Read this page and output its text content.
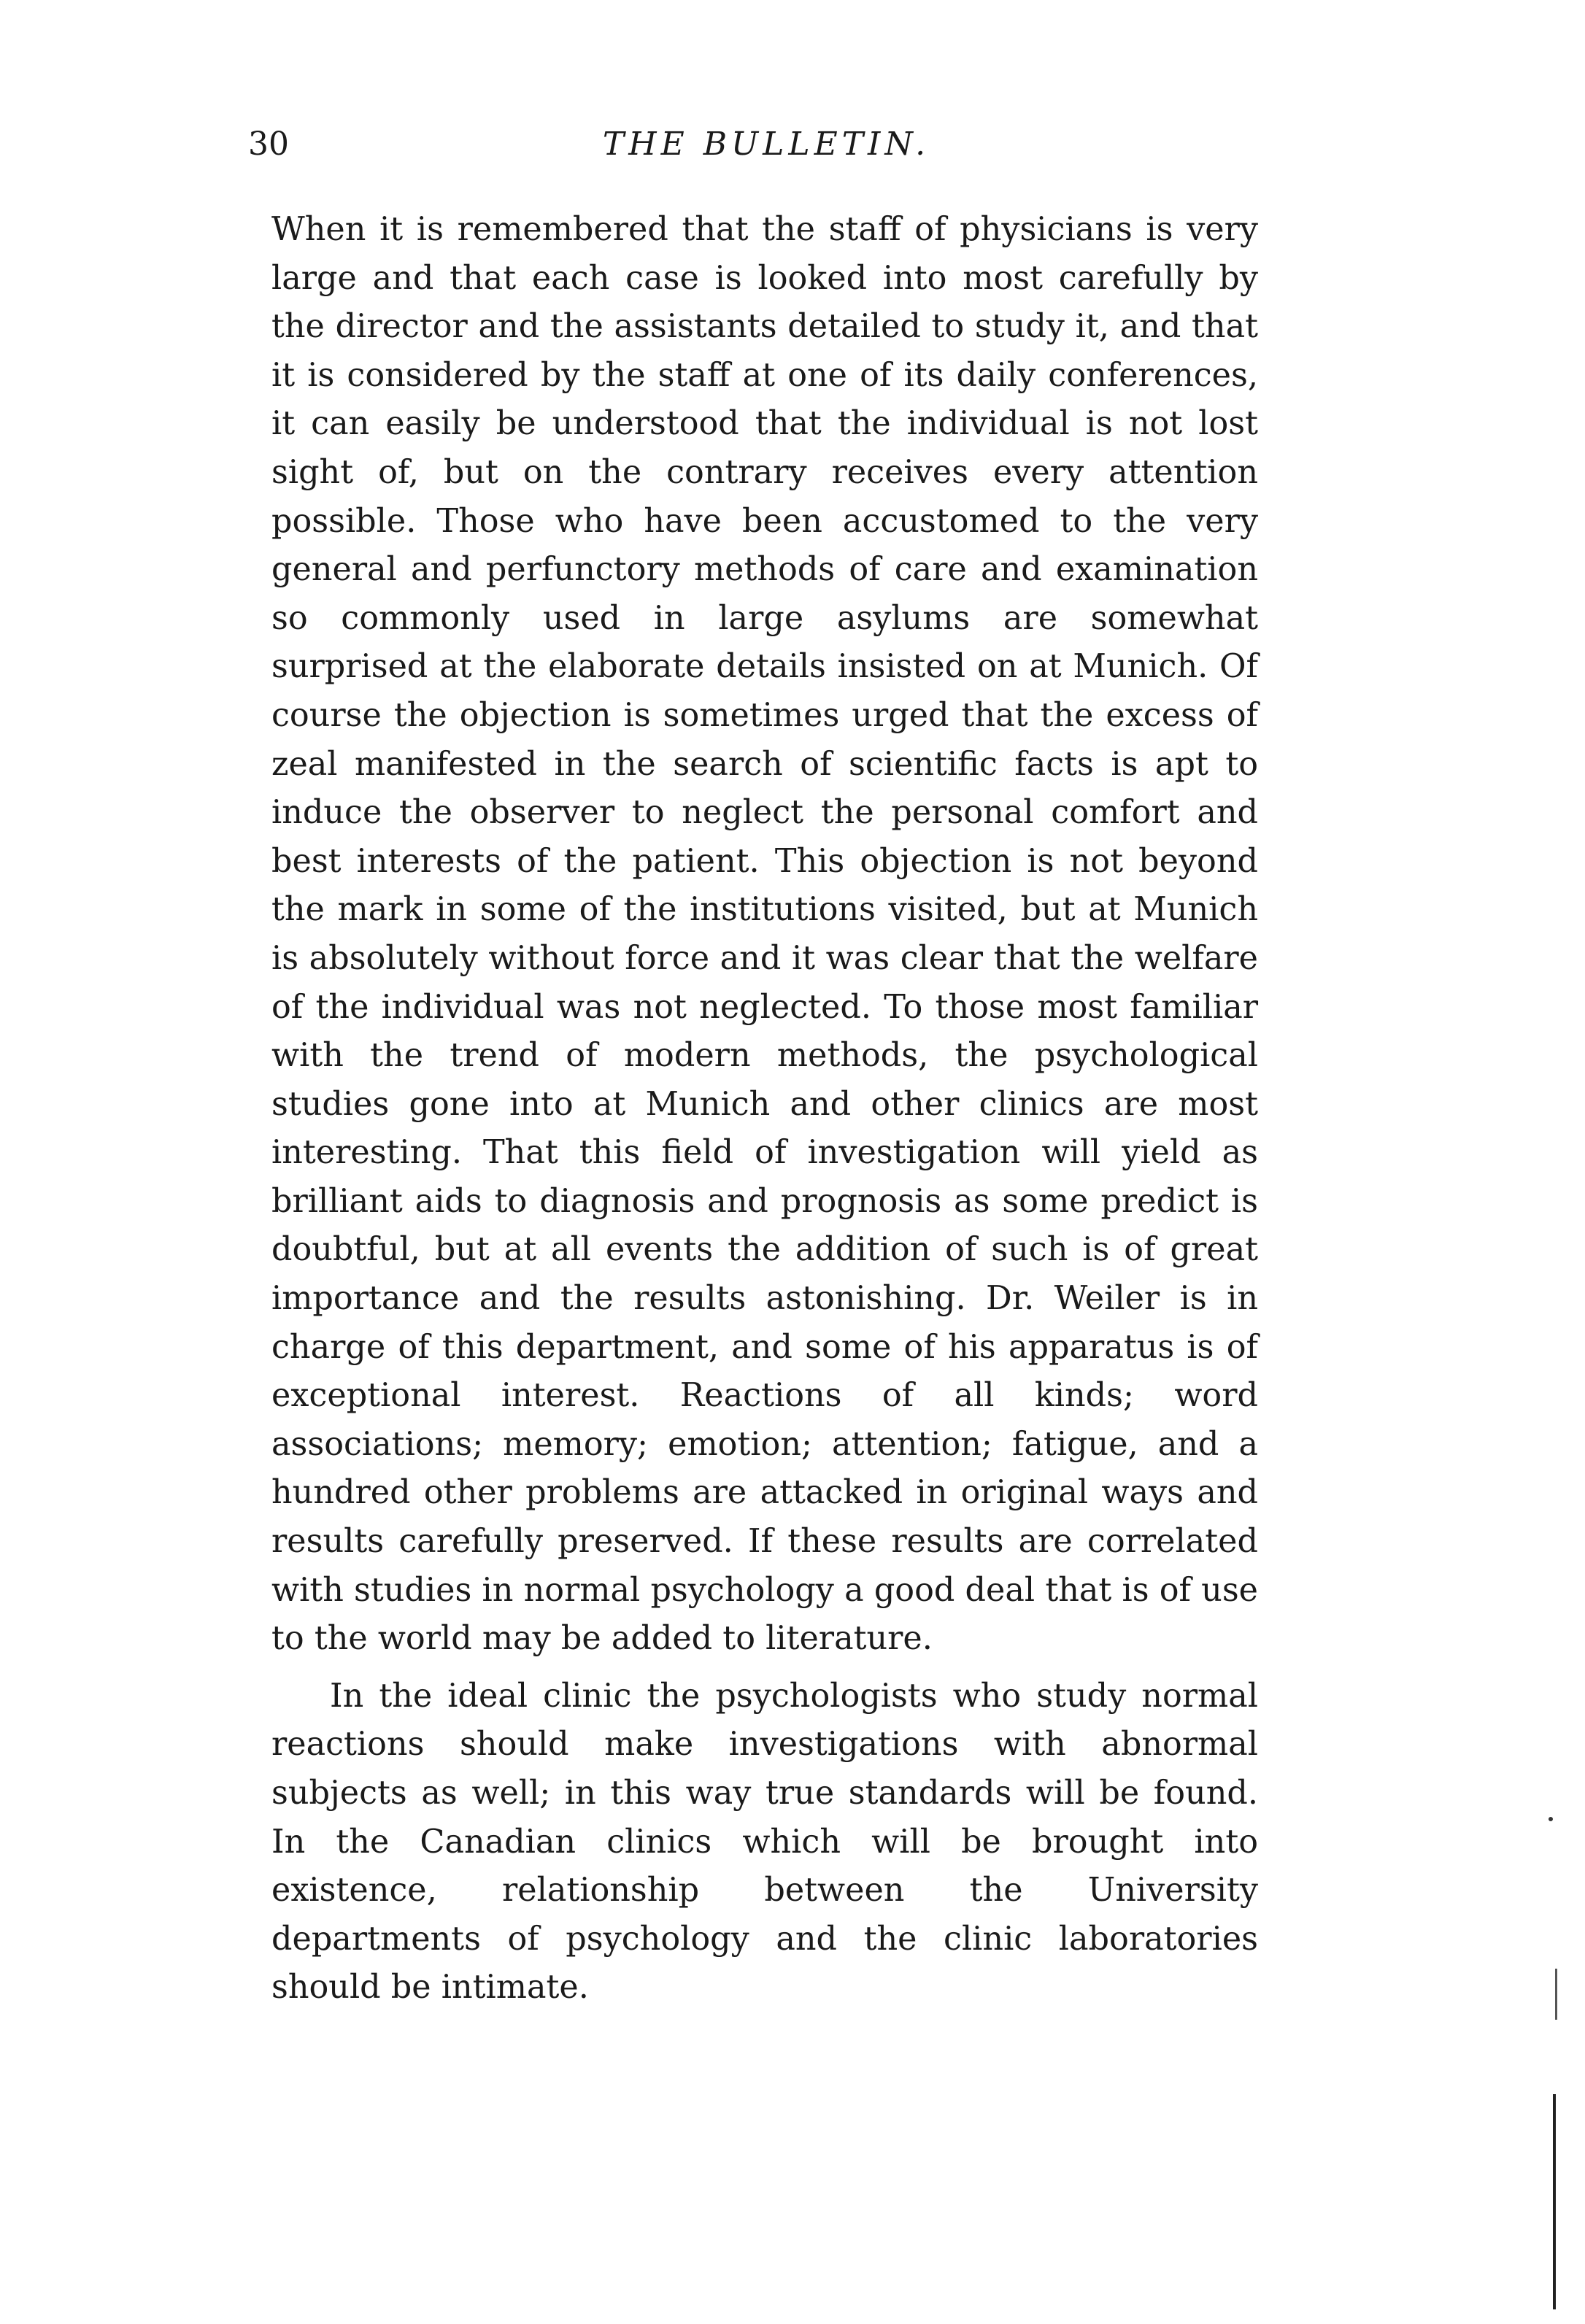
30	THE BULLETIN.

When it is remembered that the staff of physicians is very large and that each case is looked into most carefully by the director and the assistants detailed to study it, and that it is considered by the staff at one of its daily conferences, it can easily be understood that the individual is not lost sight of, but on the contrary receives every attention possible. Those who have been accustomed to the very general and perfunctory methods of care and examination so commonly used in large asylums are somewhat surprised at the elaborate details insisted on at Munich. Of course the objection is sometimes urged that the excess of zeal manifested in the search of scientific facts is apt to induce the observer to neglect the personal comfort and best interests of the patient. This objection is not beyond the mark in some of the institutions visited, but at Munich is absolutely without force and it was clear that the welfare of the individual was not neglected. To those most familiar with the trend of modern methods, the psychological studies gone into at Munich and other clinics are most interesting. That this field of investigation will yield as brilliant aids to diagnosis and prognosis as some predict is doubtful, but at all events the addition of such is of great importance and the results astonishing. Dr. Weiler is in charge of this department, and some of his apparatus is of exceptional interest. Reactions of all kinds; word associations; memory; emotion; attention; fatigue, and a hundred other problems are attacked in original ways and results carefully preserved. If these results are correlated with studies in normal psychology a good deal that is of use to the world may be added to literature.

In the ideal clinic the psychologists who study normal reactions should make investigations with abnormal subjects as well; in this way true standards will be found. In the Canadian clinics which will be brought into existence, relationship between the University departments of psychology and the clinic laboratories should be intimate.
